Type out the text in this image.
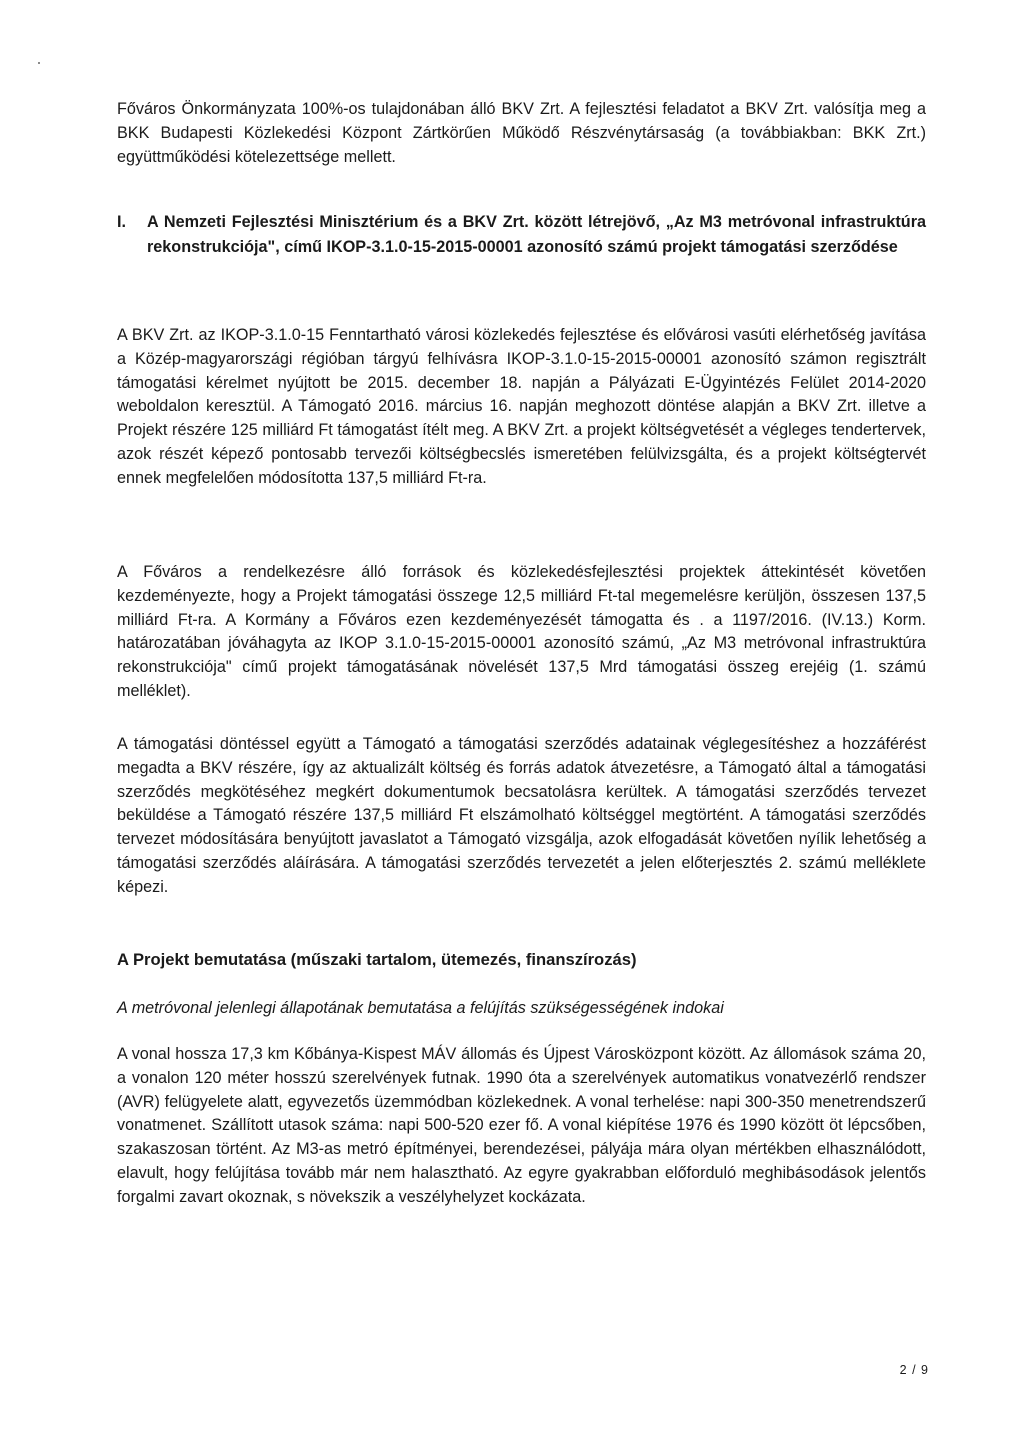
Főváros Önkormányzata 100%-os tulajdonában álló BKV Zrt. A fejlesztési feladatot a BKV Zrt. valósítja meg a BKK Budapesti Közlekedési Központ Zártkörűen Működő Részvénytársaság (a továbbiakban: BKK Zrt.) együttműködési kötelezettsége mellett.

I. A Nemzeti Fejlesztési Minisztérium és a BKV Zrt. között létrejövő, „Az M3 metróvonal infrastruktúra rekonstrukciója", című IKOP-3.1.0-15-2015-00001 azonosító számú projekt támogatási szerződése

A BKV Zrt. az IKOP-3.1.0-15 Fenntartható városi közlekedés fejlesztése és elővárosi vasúti elérhetőség javítása a Közép-magyarországi régióban tárgyú felhívásra IKOP-3.1.0-15-2015-00001 azonosító számon regisztrált támogatási kérelmet nyújtott be 2015. december 18. napján a Pályázati E-Ügyintézés Felület 2014-2020 weboldalon keresztül. A Támogató 2016. március 16. napján meghozott döntése alapján a BKV Zrt. illetve a Projekt részére 125 milliárd Ft támogatást ítélt meg. A BKV Zrt. a projekt költségvetését a végleges tendertervek, azok részét képező pontosabb tervezői költségbecslés ismeretében felülvizsgálta, és a projekt költségtervét ennek megfelelően módosította 137,5 milliárd Ft-ra.

A Főváros a rendelkezésre álló források és közlekedésfejlesztési projektek áttekintését követően kezdeményezte, hogy a Projekt támogatási összege 12,5 milliárd Ft-tal megemelésre kerüljön, összesen 137,5 milliárd Ft-ra. A Kormány a Főváros ezen kezdeményezését támogatta és . a 1197/2016. (IV.13.) Korm. határozatában jóváhagyta az IKOP 3.1.0-15-2015-00001 azonosító számú, „Az M3 metróvonal infrastruktúra rekonstrukciója" című projekt támogatásának növelését 137,5 Mrd támogatási összeg erejéig (1. számú melléklet).

A támogatási döntéssel együtt a Támogató a támogatási szerződés adatainak véglegesítéshez a hozzáférést megadta a BKV részére, így az aktualizált költség és forrás adatok átvezetésre, a Támogató által a támogatási szerződés megkötéséhez megkért dokumentumok becsatolásra kerültek. A támogatási szerződés tervezet beküldése a Támogató részére 137,5 milliárd Ft elszámolható költséggel megtörtént. A támogatási szerződés tervezet módosítására benyújtott javaslatot a Támogató vizsgálja, azok elfogadását követően nyílik lehetőség a támogatási szerződés aláírására. A támogatási szerződés tervezetét a jelen előterjesztés 2. számú melléklete képezi.

A Projekt bemutatása (műszaki tartalom, ütemezés, finanszírozás)

A metróvonal jelenlegi állapotának bemutatása a felújítás szükségességének indokai

A vonal hossza 17,3 km Kőbánya-Kispest MÁV állomás és Újpest Városközpont között. Az állomások száma 20, a vonalon 120 méter hosszú szerelvények futnak. 1990 óta a szerelvények automatikus vonatvezérlő rendszer (AVR) felügyelete alatt, egyvezetős üzemmódban közlekednek. A vonal terhelése: napi 300-350 menetrendszerű vonatmenet. Szállított utasok száma: napi 500-520 ezer fő. A vonal kiépítése 1976 és 1990 között öt lépcsőben, szakaszosan történt. Az M3-as metró építményei, berendezései, pályája mára olyan mértékben elhasználódott, elavult, hogy felújítása tovább már nem halasztható. Az egyre gyakrabban előforduló meghibásodások jelentős forgalmi zavart okoznak, s növekszik a veszélyhelyzet kockázata.

2 / 9
